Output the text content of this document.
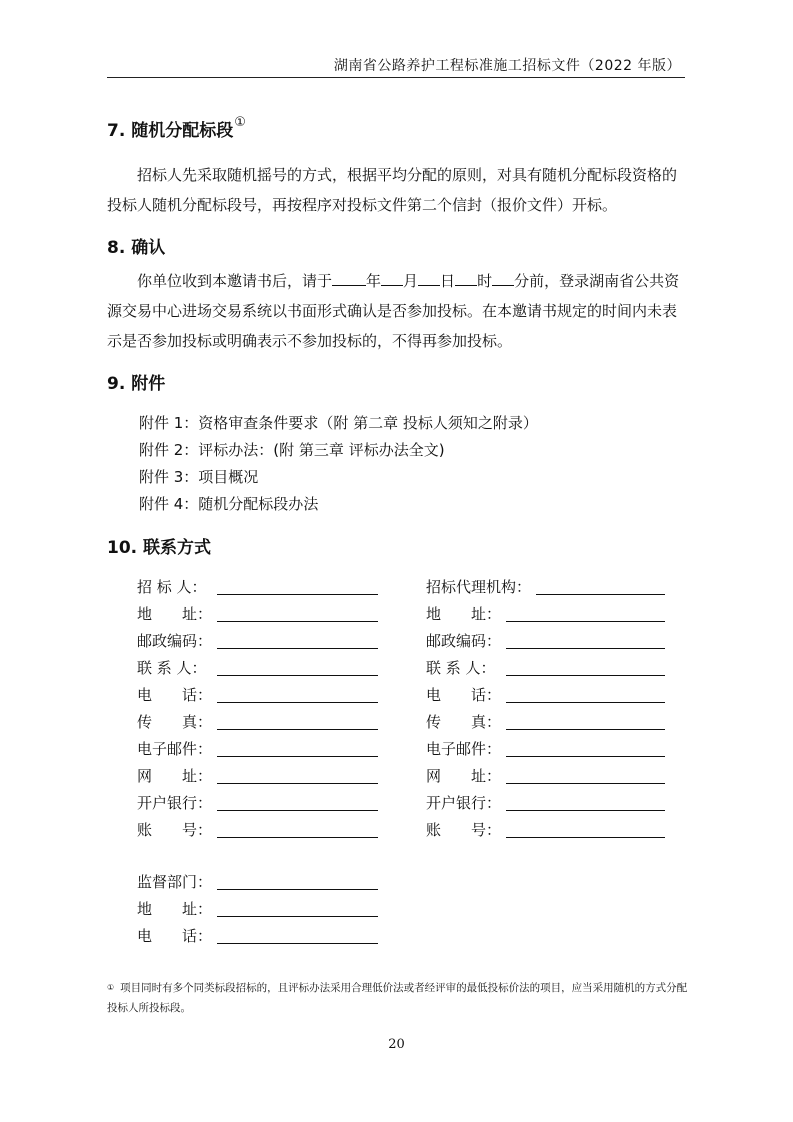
湖南省公路养护工程标准施工招标文件（2022 年版）
7. 随机分配标段①

招标人先采取随机摇号的方式，根据平均分配的原则，对具有随机分配标段资格的投标人随机分配标段号，再按程序对投标文件第二个信封（报价文件）开标。

8. 确认

你单位收到本邀请书后，请于 年 月 日 时 分前，登录湖南省公共资源交易中心进场交易系统以书面形式确认是否参加投标。在本邀请书规定的时间内未表示是否参加投标或明确表示不参加投标的，不得再参加投标。

9. 附件
附件 1：资格审查条件要求（附 第二章 投标人须知之附录）
附件 2：评标办法：(附 第三章 评标办法全文)
附件 3：项目概况
附件 4：随机分配标段办法
10. 联系方式
招 标 人：
地　　址：
邮政编码：
联 系 人：
电　　话：
传　　真：
电子邮件：
网　　址：
开户银行：
账　　号：
招标代理机构：
地　　址：
邮政编码：
联 系 人：
电　　话：
传　　真：
电子邮件：
网　　址：
开户银行：
账　　号：
监督部门：
地　　址：
电　　话：
① 项目同时有多个同类标段招标的，且评标办法采用合理低价法或者经评审的最低投标价法的项目，应当采用随机的方式分配投标人所投标段。
20
